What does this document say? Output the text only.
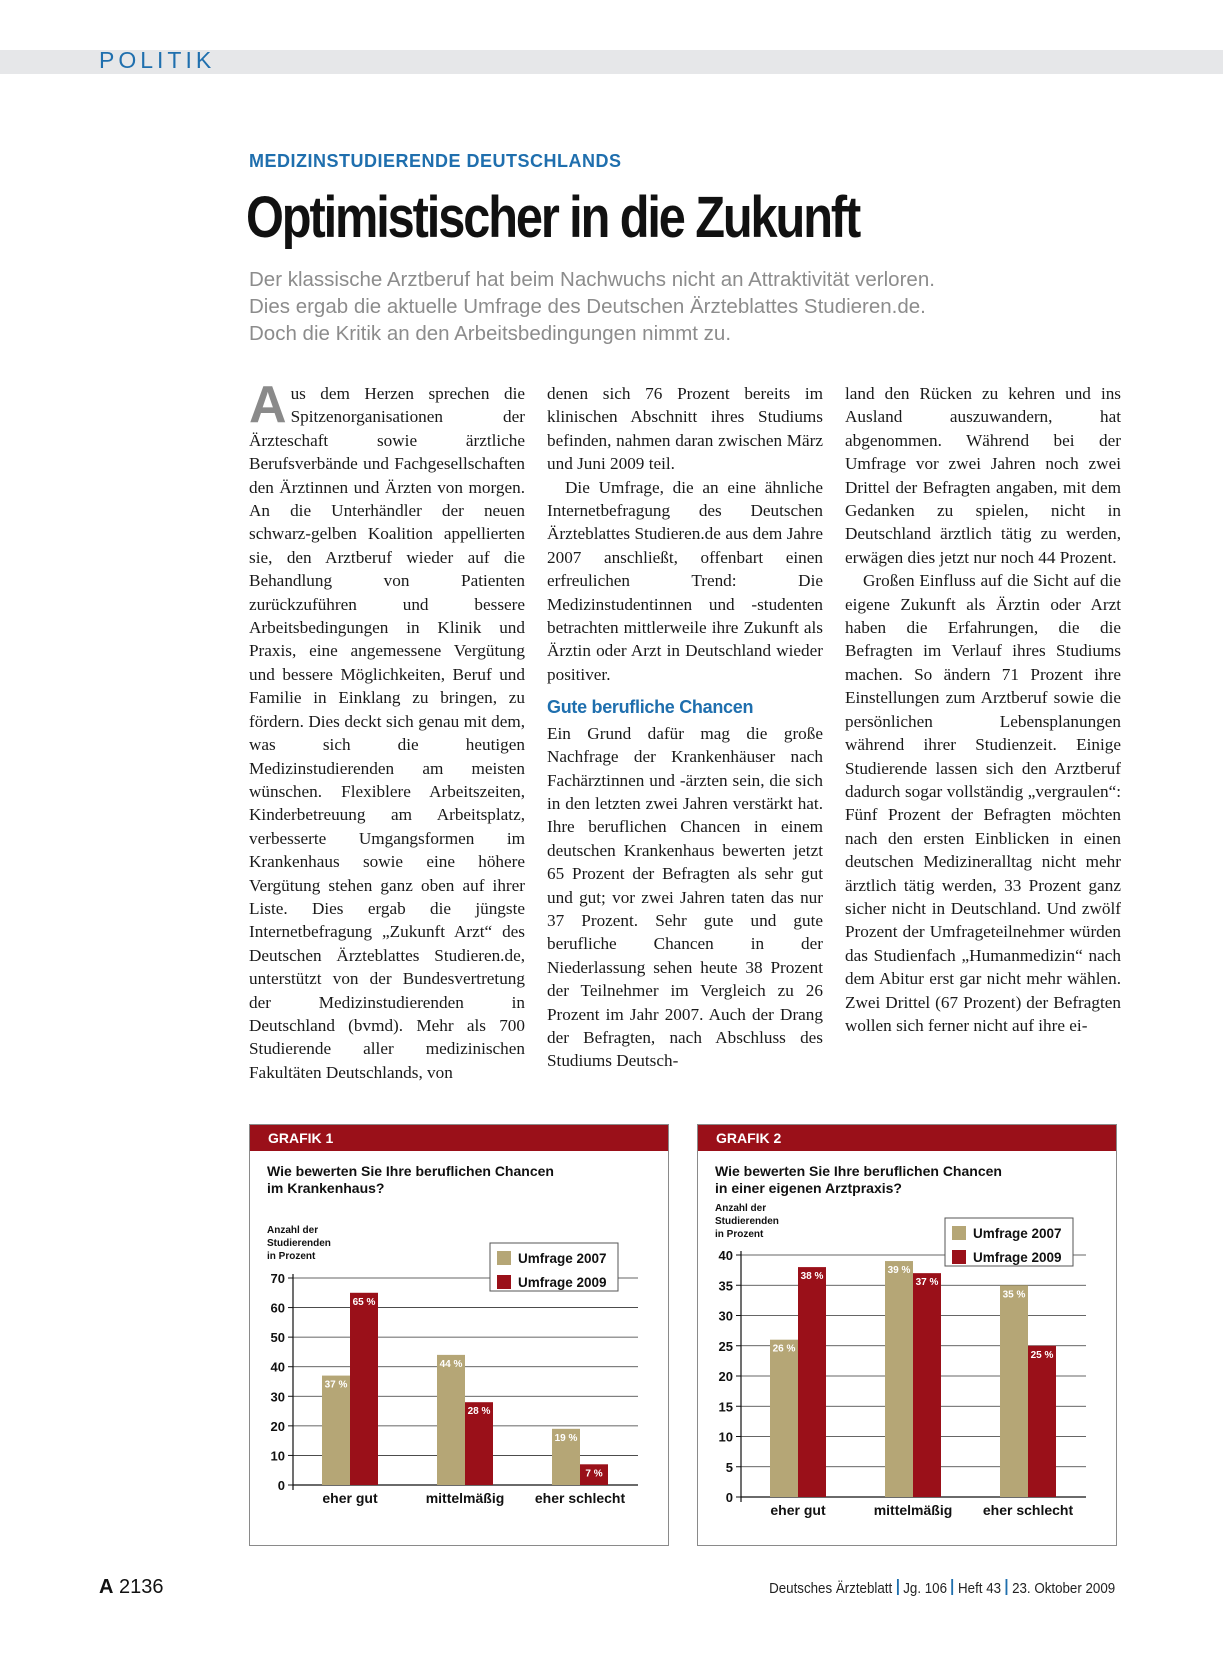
POLITIK
MEDIZINSTUDIERENDE DEUTSCHLANDS
Optimistischer in die Zukunft
Der klassische Arztberuf hat beim Nachwuchs nicht an Attraktivität verloren.
Dies ergab die aktuelle Umfrage des Deutschen Ärzteblattes Studieren.de.
Doch die Kritik an den Arbeitsbedingungen nimmt zu.

Aus dem Herzen sprechen die Spitzenorganisationen der Ärzteschaft sowie ärztliche Berufsverbände und Fachgesellschaften den Ärztinnen und Ärzten von morgen. An die Unterhändler der neuen schwarz-gelben Koalition appellierten sie, den Arztberuf wieder auf die Behandlung von Patienten zurückzuführen und bessere Arbeitsbedingungen in Klinik und Praxis, eine angemessene Vergütung und bessere Möglichkeiten, Beruf und Familie in Einklang zu bringen, zu fördern. Dies deckt sich genau mit dem, was sich die heutigen Medizinstudierenden am meisten wünschen. Flexiblere Arbeitszeiten, Kinderbetreuung am Arbeitsplatz, verbesserte Umgangsformen im Krankenhaus sowie eine höhere Vergütung stehen ganz oben auf ihrer Liste. Dies ergab die jüngste Internetbefragung „Zukunft Arzt“ des Deutschen Ärzteblattes Studieren.de, unterstützt von der Bundesvertretung der Medizinstudierenden in Deutschland (bvmd). Mehr als 700 Studierende aller medizinischen Fakultäten Deutschlands, von

denen sich 76 Prozent bereits im klinischen Abschnitt ihres Studiums befinden, nahmen daran zwischen März und Juni 2009 teil.

Die Umfrage, die an eine ähnliche Internetbefragung des Deutschen Ärzteblattes Studieren.de aus dem Jahre 2007 anschließt, offenbart einen erfreulichen Trend: Die Medizinstudentinnen und -studenten betrachten mittlerweile ihre Zukunft als Ärztin oder Arzt in Deutschland wieder positiver.

Gute berufliche Chancen

Ein Grund dafür mag die große Nachfrage der Krankenhäuser nach Fachärztinnen und -ärzten sein, die sich in den letzten zwei Jahren verstärkt hat. Ihre beruflichen Chancen in einem deutschen Krankenhaus bewerten jetzt 65 Prozent der Befragten als sehr gut und gut; vor zwei Jahren taten das nur 37 Prozent. Sehr gute und gute berufliche Chancen in der Niederlassung sehen heute 38 Prozent der Teilnehmer im Vergleich zu 26 Prozent im Jahr 2007. Auch der Drang der Befragten, nach Abschluss des Studiums Deutsch-

land den Rücken zu kehren und ins Ausland auszuwandern, hat abgenommen. Während bei der Umfrage vor zwei Jahren noch zwei Drittel der Befragten angaben, mit dem Gedanken zu spielen, nicht in Deutschland ärztlich tätig zu werden, erwägen dies jetzt nur noch 44 Prozent.

Großen Einfluss auf die Sicht auf die eigene Zukunft als Ärztin oder Arzt haben die Erfahrungen, die die Befragten im Verlauf ihres Studiums machen. So ändern 71 Prozent ihre Einstellungen zum Arztberuf sowie die persönlichen Lebensplanungen während ihrer Studienzeit. Einige Studierende lassen sich den Arztberuf dadurch sogar vollständig „vergraulen“: Fünf Prozent der Befragten möchten nach den ersten Einblicken in einen deutschen Medizineralltag nicht mehr ärztlich tätig werden, 33 Prozent ganz sicher nicht in Deutschland. Und zwölf Prozent der Umfrageteilnehmer würden das Studienfach „Humanmedizin“ nach dem Abitur erst gar nicht mehr wählen. Zwei Drittel (67 Prozent) der Befragten wollen sich ferner nicht auf ihre ei-

GRAFIK 1
Wie bewerten Sie Ihre beruflichen Chancen
im Krankenhaus?
Anzahl der
Studierenden
in Prozent
0
10
20
30
40
50
60
70
Umfrage 2007
Umfrage 2009
37 %
65 %
eher gut
44 %
28 %
mittelmäßig
19 %
7 %
eher schlecht
GRAFIK 2
Wie bewerten Sie Ihre beruflichen Chancen
in einer eigenen Arztpraxis?
Anzahl der
Studierenden
in Prozent
0
5
10
15
20
25
30
35
40
Umfrage 2007
Umfrage 2009
26 %
38 %
eher gut
39 %
37 %
mittelmäßig
35 %
25 %
eher schlecht
A 2136	Deutsches Ärzteblatt Jg. 106 Heft 43 23. Oktober 2009
